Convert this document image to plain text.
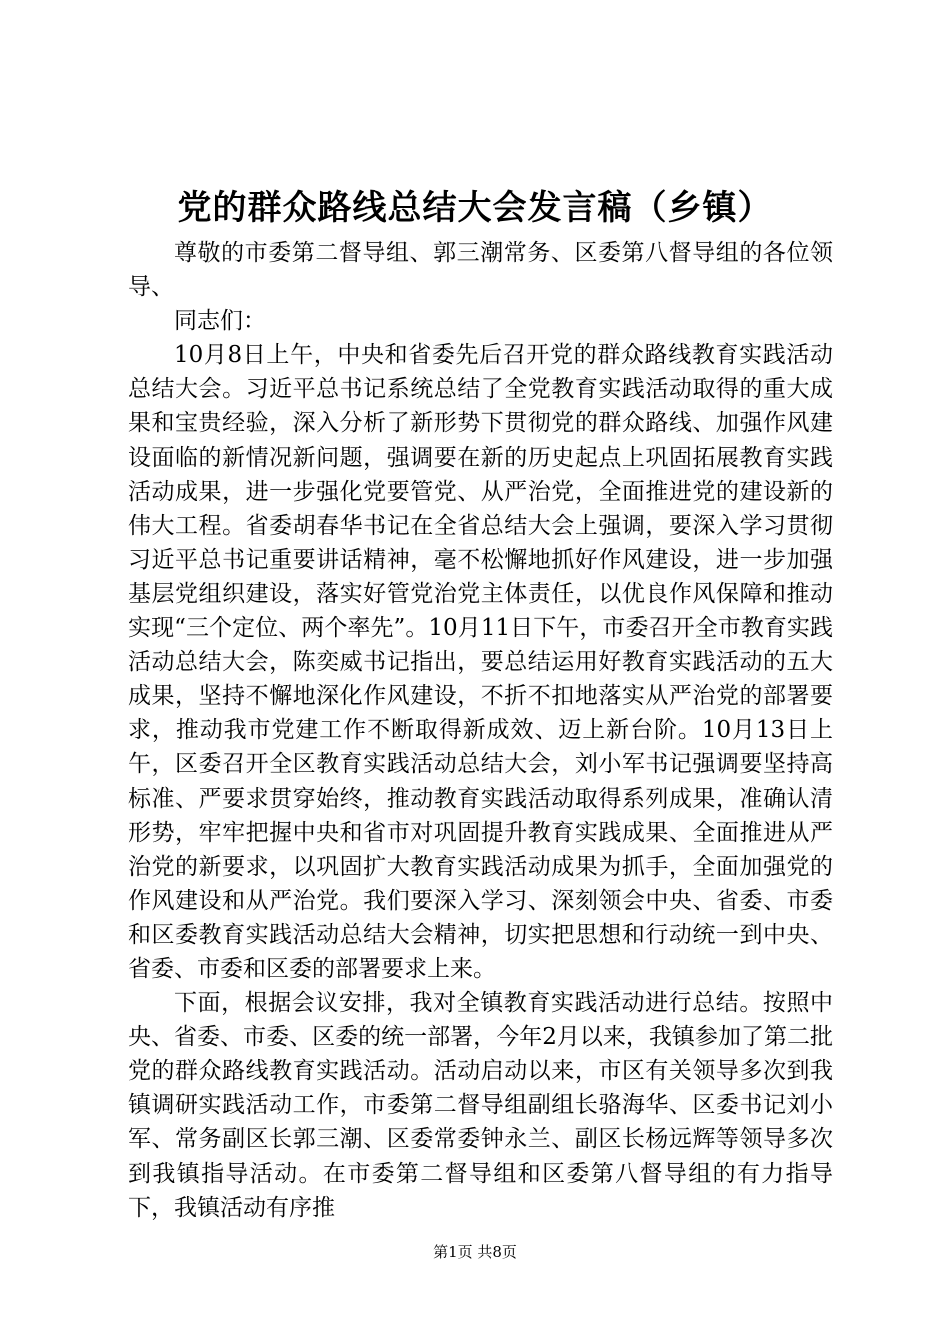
党的群众路线总结大会发言稿（乡镇）

尊敬的市委第二督导组、郭三潮常务、区委第八督导组的各位领导、

同志们：

10月8日上午，中央和省委先后召开党的群众路线教育实践活动总结大会。习近平总书记系统总结了全党教育实践活动取得的重大成果和宝贵经验，深入分析了新形势下贯彻党的群众路线、加强作风建设面临的新情况新问题，强调要在新的历史起点上巩固拓展教育实践活动成果，进一步强化党要管党、从严治党，全面推进党的建设新的伟大工程。省委胡春华书记在全省总结大会上强调，要深入学习贯彻习近平总书记重要讲话精神，毫不松懈地抓好作风建设，进一步加强基层党组织建设，落实好管党治党主体责任，以优良作风保障和推动实现“三个定位、两个率先”。10月11日下午，市委召开全市教育实践活动总结大会，陈奕威书记指出，要总结运用好教育实践活动的五大成果，坚持不懈地深化作风建设，不折不扣地落实从严治党的部署要求，推动我市党建工作不断取得新成效、迈上新台阶。10月13日上午，区委召开全区教育实践活动总结大会，刘小军书记强调要坚持高标准、严要求贯穿始终，推动教育实践活动取得系列成果，准确认清形势，牢牢把握中央和省市对巩固提升教育实践成果、全面推进从严治党的新要求，以巩固扩大教育实践活动成果为抓手，全面加强党的作风建设和从严治党。我们要深入学习、深刻领会中央、省委、市委和区委教育实践活动总结大会精神，切实把思想和行动统一到中央、省委、市委和区委的部署要求上来。

下面，根据会议安排，我对全镇教育实践活动进行总结。按照中央、省委、市委、区委的统一部署，今年2月以来，我镇参加了第二批党的群众路线教育实践活动。活动启动以来，市区有关领导多次到我镇调研实践活动工作，市委第二督导组副组长骆海华、区委书记刘小军、常务副区长郭三潮、区委常委钟永兰、副区长杨远辉等领导多次到我镇指导活动。在市委第二督导组和区委第八督导组的有力指导下，我镇活动有序推

第1页 共8页
